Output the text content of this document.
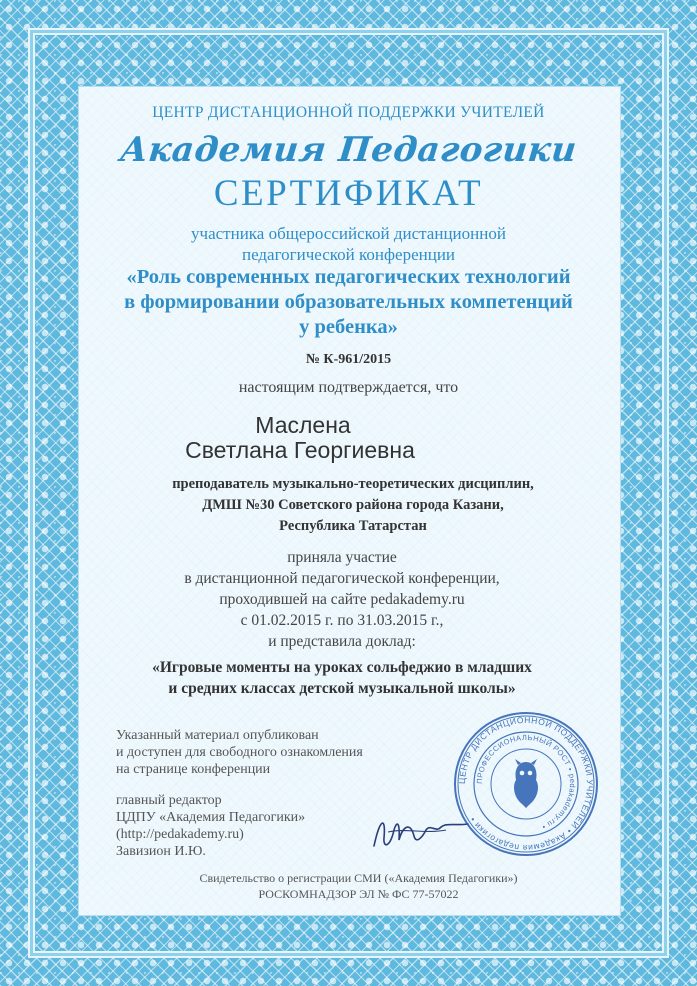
ЦЕНТР ДИСТАНЦИОННОЙ ПОДДЕРЖКИ УЧИТЕЛЕЙ

Академия Педагогики

СЕРТИФИКАТ

участника общероссийской дистанционной
педагогической конференции
«Роль современных педагогических технологий
в формировании образовательных компетенций
у ребенка»

№ К-961/2015

настоящим подтверждается, что

Маслена

Светлана Георгиевна

преподаватель музыкально-теоретических дисциплин,
ДМШ №30 Советского района города Казани,
Республика Татарстан
приняла участие
в дистанционной педагогической конференции,
проходившей на сайте pedakademy.ru
с 01.02.2015 г. по 31.03.2015 г.,
и представила доклад:
«Игровые моменты на уроках сольфеджио в младших
и средних классах детской музыкальной школы»
Указанный материал опубликован
и доступен для свободного ознакомления
на странице конференции
главный редактор
ЦДПУ «Академия Педагогики»
(http://pedakademy.ru)
Завизион И.Ю.
ЦЕНТР ДИСТАНЦИОННОЙ ПОДДЕРЖКИ УЧИТЕЛЕЙ • Академия педагогики •
ПРОФЕССИОНАЛЬНЫЙ РОСТ • pedakademy.ru •
Свидетельство о регистрации СМИ («Академия Педагогики»)
РОСКОМНАДЗОР ЭЛ № ФС 77-57022
